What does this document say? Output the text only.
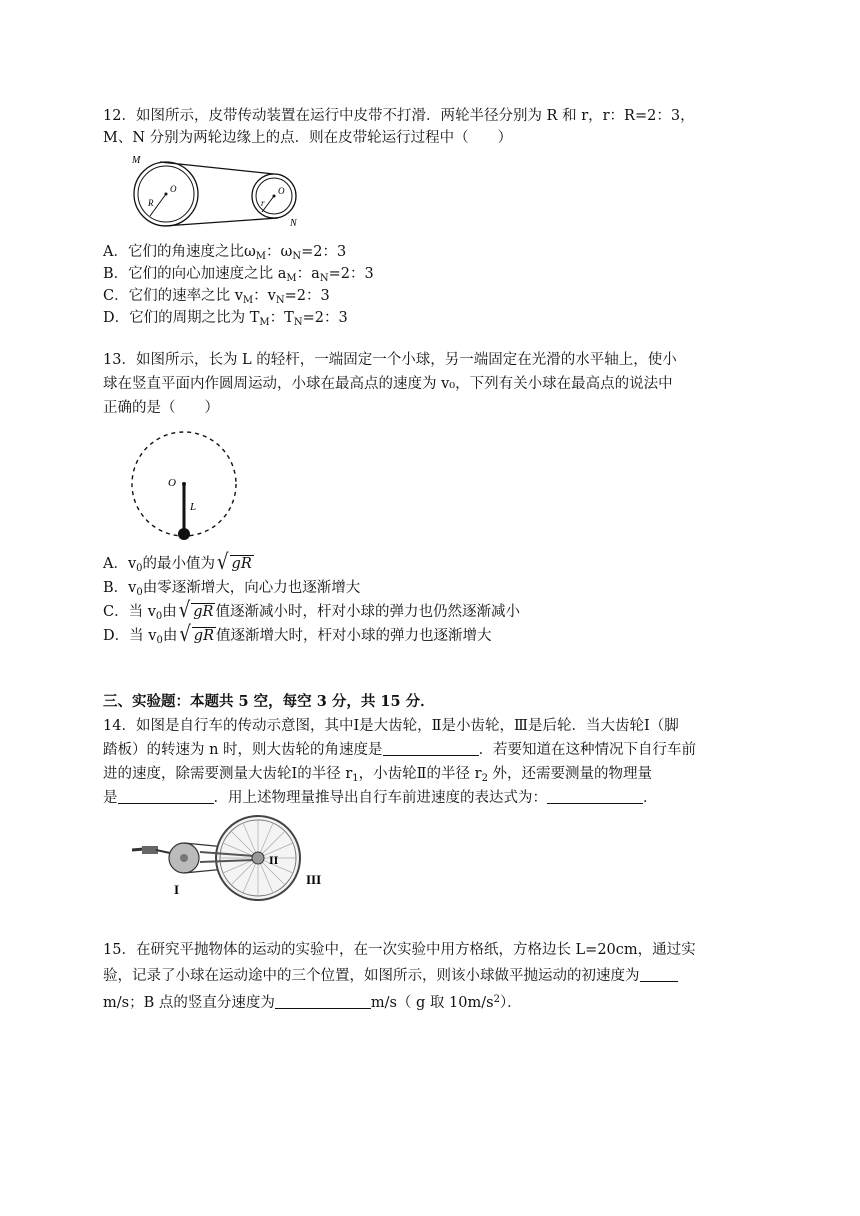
12．如图所示，皮带传动装置在运行中皮带不打滑．两轮半径分别为 R 和 r，r：R=2：3，
M、N 分别为两轮边缘上的点．则在皮带轮运行过程中（　　）
M
O
R
O
r
N
A．它们的角速度之比$\omega_M$：$\omega_N=2$：3
B．它们的向心加速度之比 $a_M$：$a_N=2$：3
C．它们的速率之比 $v_M$：$v_N=2$：3
D．它们的周期之比为 $T_M$：$T_N=2$：3
13．如图所示，长为 L 的轻杆，一端固定一个小球，另一端固定在光滑的水平轴上，使小
球在竖直平面内作圆周运动，小球在最高点的速度为 v₀，下列有关小球在最高点的说法中
正确的是（　　）
O
L
A．$v_0$的最小值为 √ gR
B．$v_0$由零逐渐增大，向心力也逐渐增大
C．当 $v_0$由 √ gR 值逐渐减小时，杆对小球的弹力也仍然逐渐减小
D．当 $v_0$由 √ gR 值逐渐增大时，杆对小球的弹力也逐渐增大
三、实验题：本题共 5 空，每空 3 分，共 15 分．
14．如图是自行车的传动示意图，其中Ⅰ是大齿轮，Ⅱ是小齿轮，Ⅲ是后轮．当大齿轮Ⅰ（脚
踏板）的转速为 n 时，则大齿轮的角速度是	．若要知道在这种情况下自行车前
进的速度，除需要测量大齿轮Ⅰ的半径 $r_1$，小齿轮Ⅱ的半径 $r_2$ 外，还需要测量的物理量
是	．用上述物理量推导出自行车前进速度的表达式为：	．
I
II
III
15．在研究平抛物体的运动的实验中，在一次实验中用方格纸，方格边长 L=20cm，通过实
验，记录了小球在运动途中的三个位置，如图所示，则该小球做平抛运动的初速度为
m/s；B 点的竖直分速度为	m/s（ g 取 $10m/s^2$）．
